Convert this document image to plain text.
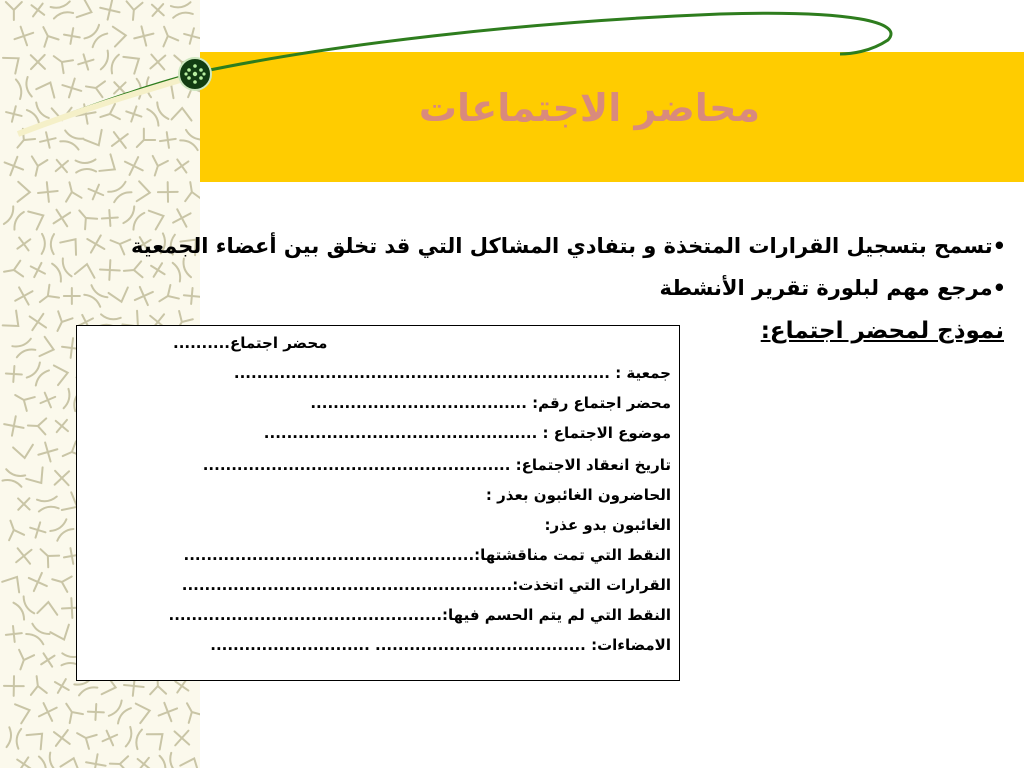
محاضر الاجتماعات

•تسمح بتسجيل القرارات المتخذة و بتفادي المشاكل التي قد تخلق بين أعضاء الجمعية

•مرجع مهم لبلورة تقرير الأنشطة

نموذج لمحضر اجتماع:

محضر اجتماع..........
جمعية : ..................................................................
محضر اجتماع رقم: ......................................
موضوع الاجتماع : ................................................
تاريخ انعقاد الاجتماع: ......................................................
الحاضرون الغائبون بعذر :
الغائبون بدو عذر:
النقط التي تمت مناقشتها:...................................................
القرارات التي اتخذت:..........................................................
النقط التي لم يتم الحسم فيها:................................................
الامضاءات: ..................................... ............................
